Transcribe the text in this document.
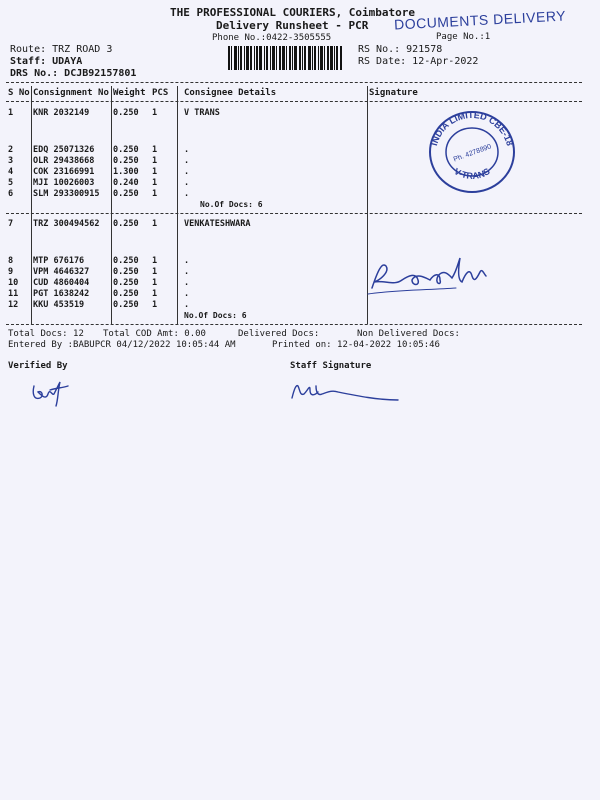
THE PROFESSIONAL COURIERS, Coimbatore
Delivery Runsheet - PCR
Phone No.:0422-3505555
DOCUMENTS DELIVERY
Page No.:1
Route: TRZ ROAD 3
Staff: UDAYA
DRS No.: DCJB92157801
RS No.: 921578
RS Date: 12-Apr-2022
S No Consignment No Weight PCS Consignee Details	Signature
1 KNR 2032149	0.250 1	V TRANS
2 EDQ 25071326 0.250 1	.
3 OLR 29438668 0.250 1	.
4 COK 23166991 1.300 1	.
5 MJI 10026003 0.240 1	.
6 SLM 293300915 0.250 1	.
No.Of Docs: 6
7 TRZ 300494562 0.250 1	VENKATESHWARA
8 MTP 676176	0.250 1	.
9 VPM 4646327	0.250 1	.
10 CUD 4860404	0.250 1	.
11 PGT 1638242	0.250 1	.
12 KKU 453519	0.250 1	.
No.Of Docs: 6
INDIA LIMITED CBE-18
V-TRANS
Ph. 4278890
Total Docs: 12 Total COD Amt: 0.00	Delivered Docs:	Non Delivered Docs:
Entered By :BABUPCR 04/12/2022 10:05:44 AM	Printed on: 12-04-2022 10:05:46
Verified By	Staff Signature
